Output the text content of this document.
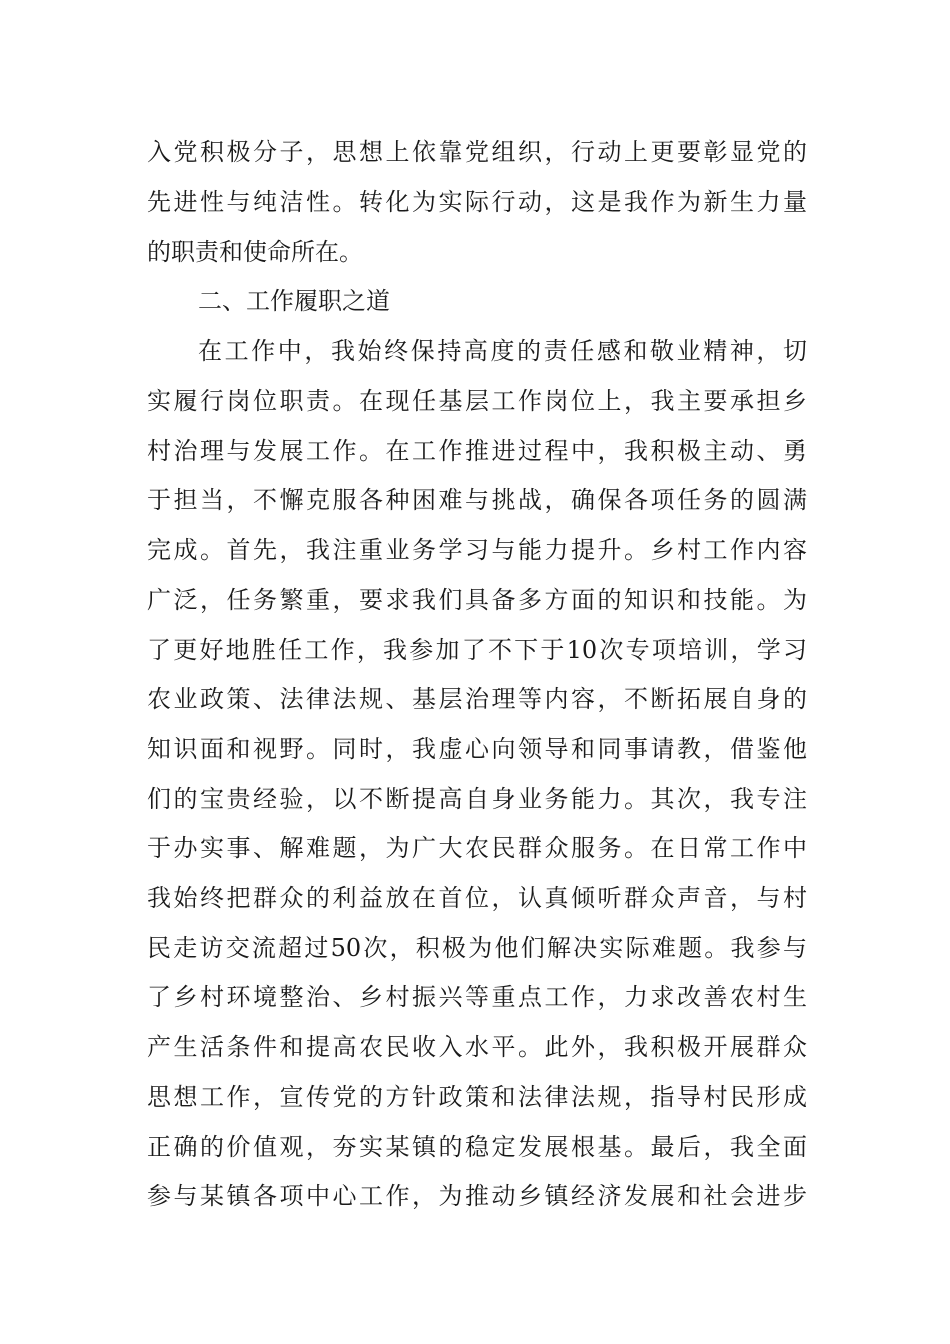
入党积极分子，思想上依靠党组织，行动上更要彰显党的
先进性与纯洁性。转化为实际行动，这是我作为新生力量
的职责和使命所在。
二、工作履职之道
在工作中，我始终保持高度的责任感和敬业精神，切
实履行岗位职责。在现任基层工作岗位上，我主要承担乡
村治理与发展工作。在工作推进过程中，我积极主动、勇
于担当，不懈克服各种困难与挑战，确保各项任务的圆满
完成。首先，我注重业务学习与能力提升。乡村工作内容
广泛，任务繁重，要求我们具备多方面的知识和技能。为
了更好地胜任工作，我参加了不下于10次专项培训，学习
农业政策、法律法规、基层治理等内容，不断拓展自身的
知识面和视野。同时，我虚心向领导和同事请教，借鉴他
们的宝贵经验，以不断提高自身业务能力。其次，我专注
于办实事、解难题，为广大农民群众服务。在日常工作中
我始终把群众的利益放在首位，认真倾听群众声音，与村
民走访交流超过50次，积极为他们解决实际难题。我参与
了乡村环境整治、乡村振兴等重点工作，力求改善农村生
产生活条件和提高农民收入水平。此外，我积极开展群众
思想工作，宣传党的方针政策和法律法规，指导村民形成
正确的价值观，夯实某镇的稳定发展根基。最后，我全面
参与某镇各项中心工作，为推动乡镇经济发展和社会进步
